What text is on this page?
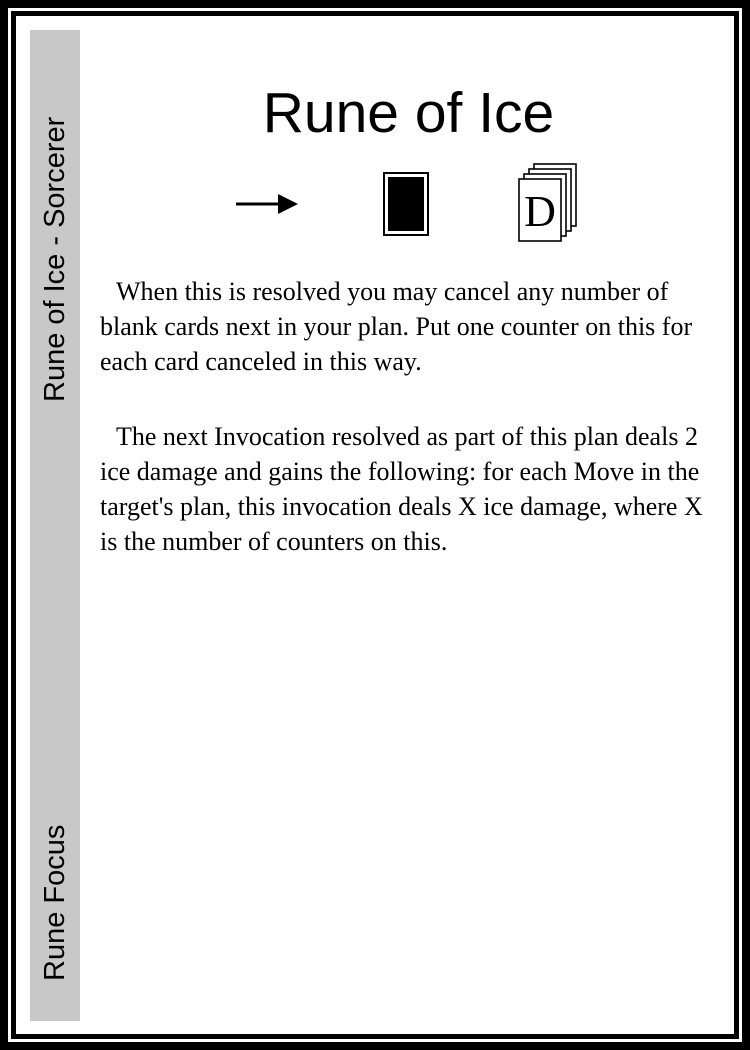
Rune of Ice - Sorcerer
Rune Focus
Rune of Ice
D

When this is resolved you may cancel any number of blank cards next in your plan. Put one counter on this for each card canceled in this way.

The next Invocation resolved as part of this plan deals 2 ice damage and gains the following: for each Move in the target's plan, this invocation deals X ice damage, where X is the number of counters on this.
